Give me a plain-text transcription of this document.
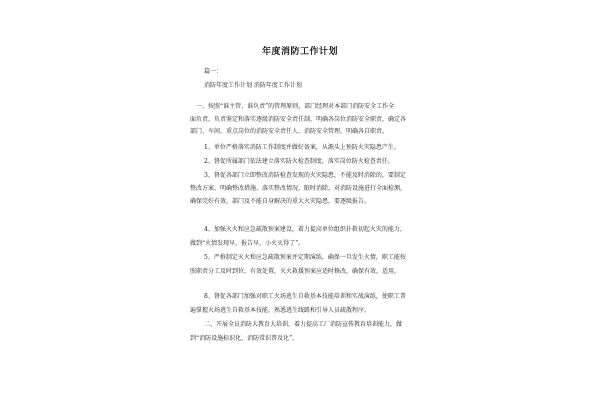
年度消防工作计划
篇一：
消防年度工作计划 消防年度工作计划
一、按照“谁主管、谁负责”的管理原则，部门经理对本部门消防安全工作全
面负责，负责鉴定和落实逐级消防安全责任制，明确各岗位消防安全职责，确定各
部门、车间、重点岗位的消防安全责任人、消防安全管理，明确各自职责。
1、单位严格落实消防工作制度并做好备案，从源头上预防火灾隐患产生。
2、督促所属部门依法建立落实防火检查制度，落实岗位防火检查责任。
3、督促各部门立即整改消防检查发现的火灾隐患，不能及时消除的，要制定
整改方案、明确整改措施、落实整改情况，限时消除，对消防设施进行全面检测，
确保完好有效，部门及不能自身解决的重大火灾隐患，要逐级报告。
4、加强灭火和应急疏散预案建设，着力提高单位组织扑救初起火灾的能力，
做到“火情发现早，报告早，小火灭得了”。
5、严格制定灭火和应急疏散预案并定期演练，确保一旦发生火情，职工能按
照职责分工及时到位，有效处置，灭火救援预案应适时修改，确保有效，适用。
8、督促各部门加强对职工火场逃生自救基本技能培训和实战演练，使职工普
遍掌握火场逃生自救基本技能，熟悉逃生线路和引导人员疏散程序。
二、开展全员消防大教育大培训，着力提高工厂消防宣传教育培训能力，做
到“消防设施标识化，消防常识普及化”。
